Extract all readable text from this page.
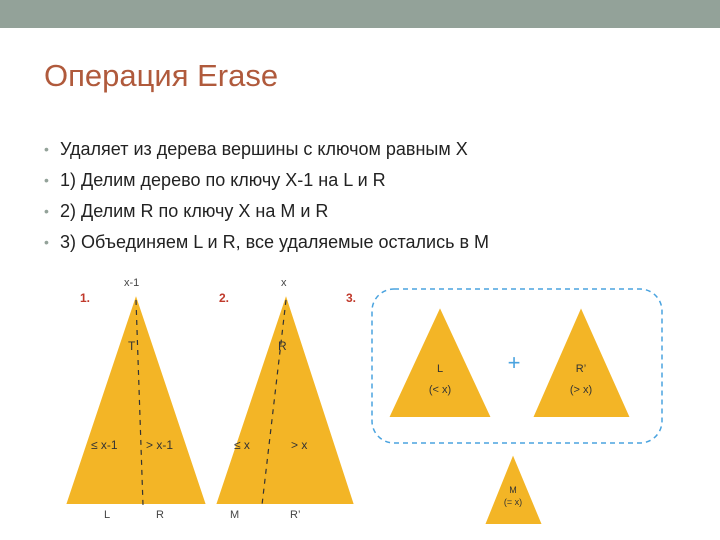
Операция Erase
• Удаляет из дерева вершины с ключом равным X
• 1) Делим дерево по ключу X-1 на L и R
• 2) Делим R по ключу X на M и R
• 3) Объединяем L и R, все удаляемые остались в M
1.
x-1
T
≤ x-1 > x-1
L	R
2.
x
R
≤ x	> x
M	R’
3.
L
(< x)
+	R’
(> x)
M
(= x)
